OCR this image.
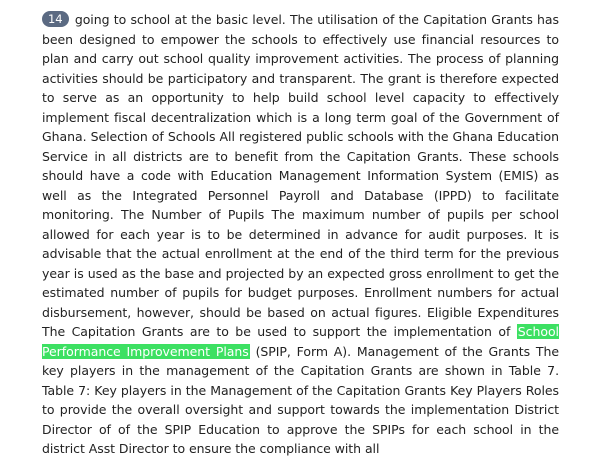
14 going to school at the basic level. The utilisation of the Capitation Grants has been designed to empower the schools to effectively use financial resources to plan and carry out school quality improvement activities. The process of planning activities should be participatory and transparent. The grant is therefore expected to serve as an opportunity to help build school level capacity to effectively implement fiscal decentralization which is a long term goal of the Government of Ghana. Selection of Schools All registered public schools with the Ghana Education Service in all districts are to benefit from the Capitation Grants. These schools should have a code with Education Management Information System (EMIS) as well as the Integrated Personnel Payroll and Database (IPPD) to facilitate monitoring. The Number of Pupils The maximum number of pupils per school allowed for each year is to be determined in advance for audit purposes. It is advisable that the actual enrollment at the end of the third term for the previous year is used as the base and projected by an expected gross enrollment to get the estimated number of pupils for budget purposes. Enrollment numbers for actual disbursement, however, should be based on actual figures. Eligible Expenditures The Capitation Grants are to be used to support the implementation of School Performance Improvement Plans (SPIP, Form A). Management of the Grants The key players in the management of the Capitation Grants are shown in Table 7. Table 7: Key players in the Management of the Capitation Grants Key Players Roles to provide the overall oversight and support towards the implementation District Director of of the SPIP Education to approve the SPIPs for each school in the district Asst Director to ensure the compliance with all
